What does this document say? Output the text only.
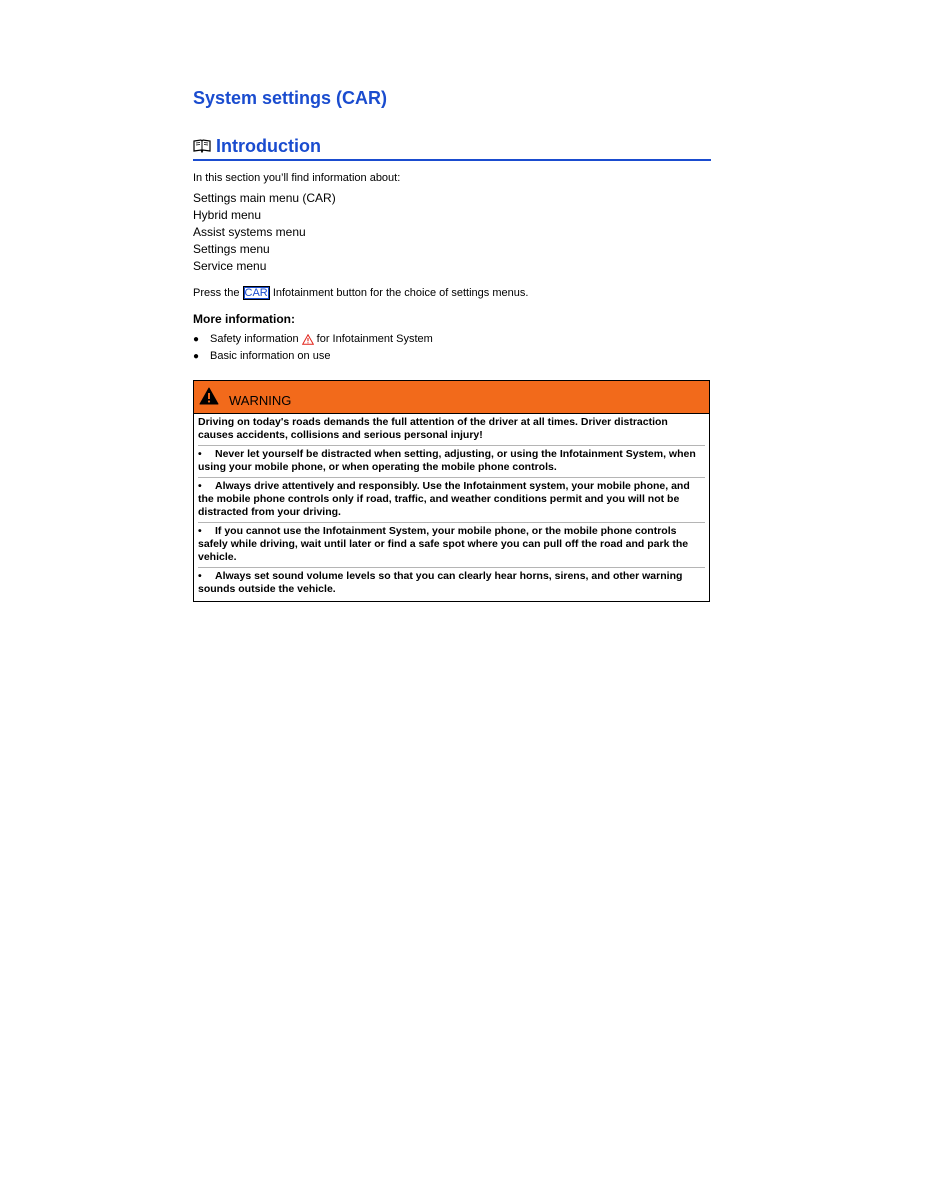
System settings (CAR)
Introduction
In this section you’ll find information about:
Settings main menu (CAR)
Hybrid menu
Assist systems menu
Settings menu
Service menu
Press the CAR Infotainment button for the choice of settings menus.
More information:
● Safety information for Infotainment System
● Basic information on use
WARNING
Driving on today's roads demands the full attention of the driver at all times. Driver distraction causes accidents, collisions and serious personal injury!
• Never let yourself be distracted when setting, adjusting, or using the Infotainment System, when using your mobile phone, or when operating the mobile phone controls.
• Always drive attentively and responsibly. Use the Infotainment system, your mobile phone, and the mobile phone controls only if road, traffic, and weather conditions permit and you will not be distracted from your driving.
• If you cannot use the Infotainment System, your mobile phone, or the mobile phone controls safely while driving, wait until later or find a safe spot where you can pull off the road and park the vehicle.
• Always set sound volume levels so that you can clearly hear horns, sirens, and other warning sounds outside the vehicle.
